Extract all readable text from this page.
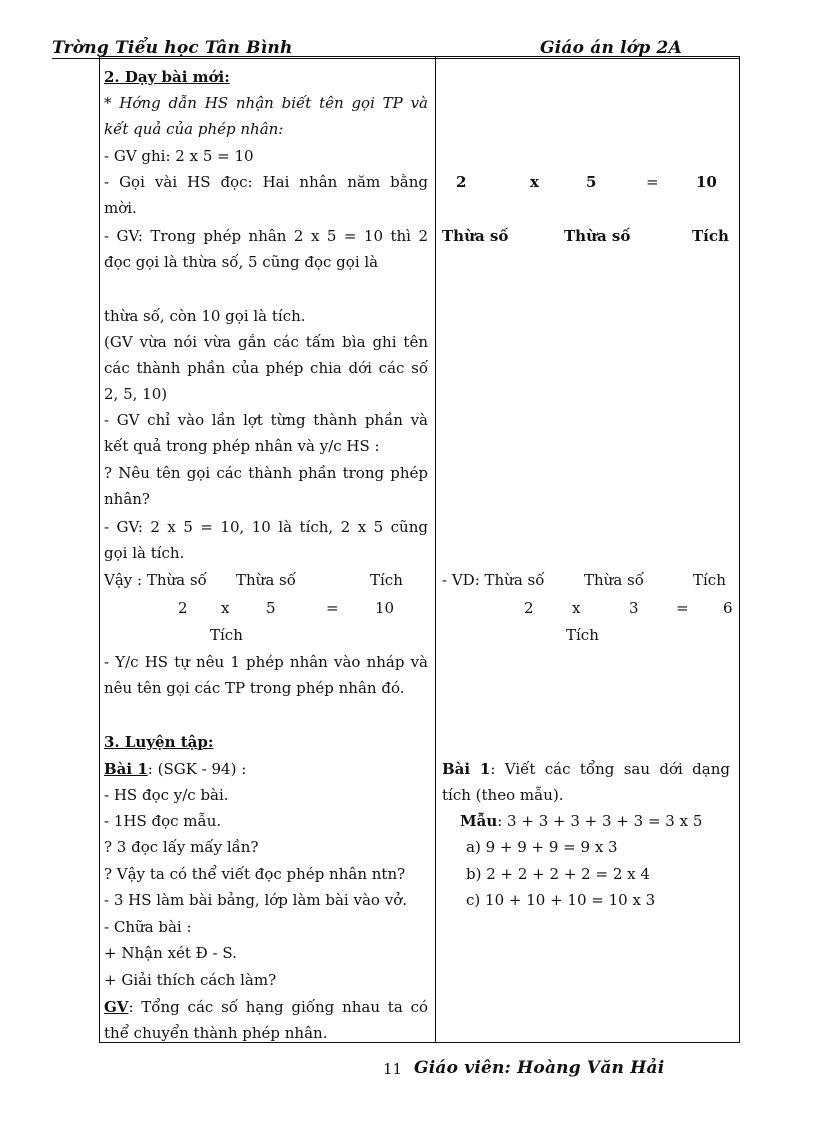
Trờng Tiểu học Tân Bình	Giáo án lớp 2A
2. Dạy bài mới:
* Hớng dẫn HS nhận biết tên gọi TP và
kết quả của phép nhân:
- GV ghi: 2 x 5 = 10
- Gọi vài HS đọc: Hai nhân năm bằng
mời.
- GV: Trong phép nhân 2 x 5 = 10 thì 2
đọc gọi là thừa số, 5 cũng đọc gọi là
thừa số, còn 10 gọi là tích.
(GV vừa nói vừa gắn các tấm bìa ghi tên
các thành phần của phép chia dới các số
2, 5, 10)
- GV chỉ vào lần lợt từng thành phần và
kết quả trong phép nhân và y/c HS :
? Nêu tên gọi các thành phần trong phép
nhân?
- GV: 2 x 5 = 10, 10 là tích, 2 x 5 cũng
gọi là tích.
Vậy : Thừa số Thừa số	Tích
2 x 5	= 10
Tích
- Y/c HS tự nêu 1 phép nhân vào nháp và
nêu tên gọi các TP trong phép nhân đó.
3. Luyện tập:
Bài 1: (SGK - 94) :
- HS đọc y/c bài.
- 1HS đọc mẫu.
? 3 đọc lấy mấy lần?
? Vậy ta có thể viết đọc phép nhân ntn?
- 3 HS làm bài bảng, lớp làm bài vào vở.
- Chữa bài :
+ Nhận xét Đ - S.
+ Giải thích cách làm?
GV: Tổng các số hạng giống nhau ta có
thể chuyển thành phép nhân.
2	x	5	= 10
Thừa số	Thừa số	Tích
- VD: Thừa số	Thừa số	Tích
2	x	3 = 6
Tích
Bài 1: Viết các tổng sau dới dạng
tích (theo mẫu).
Mẫu: 3 + 3 + 3 + 3 + 3 = 3 x 5
a) 9 + 9 + 9 = 9 x 3
b) 2 + 2 + 2 + 2 = 2 x 4
c) 10 + 10 + 10 = 10 x 3
11 Giáo viên: Hoàng Văn Hải
